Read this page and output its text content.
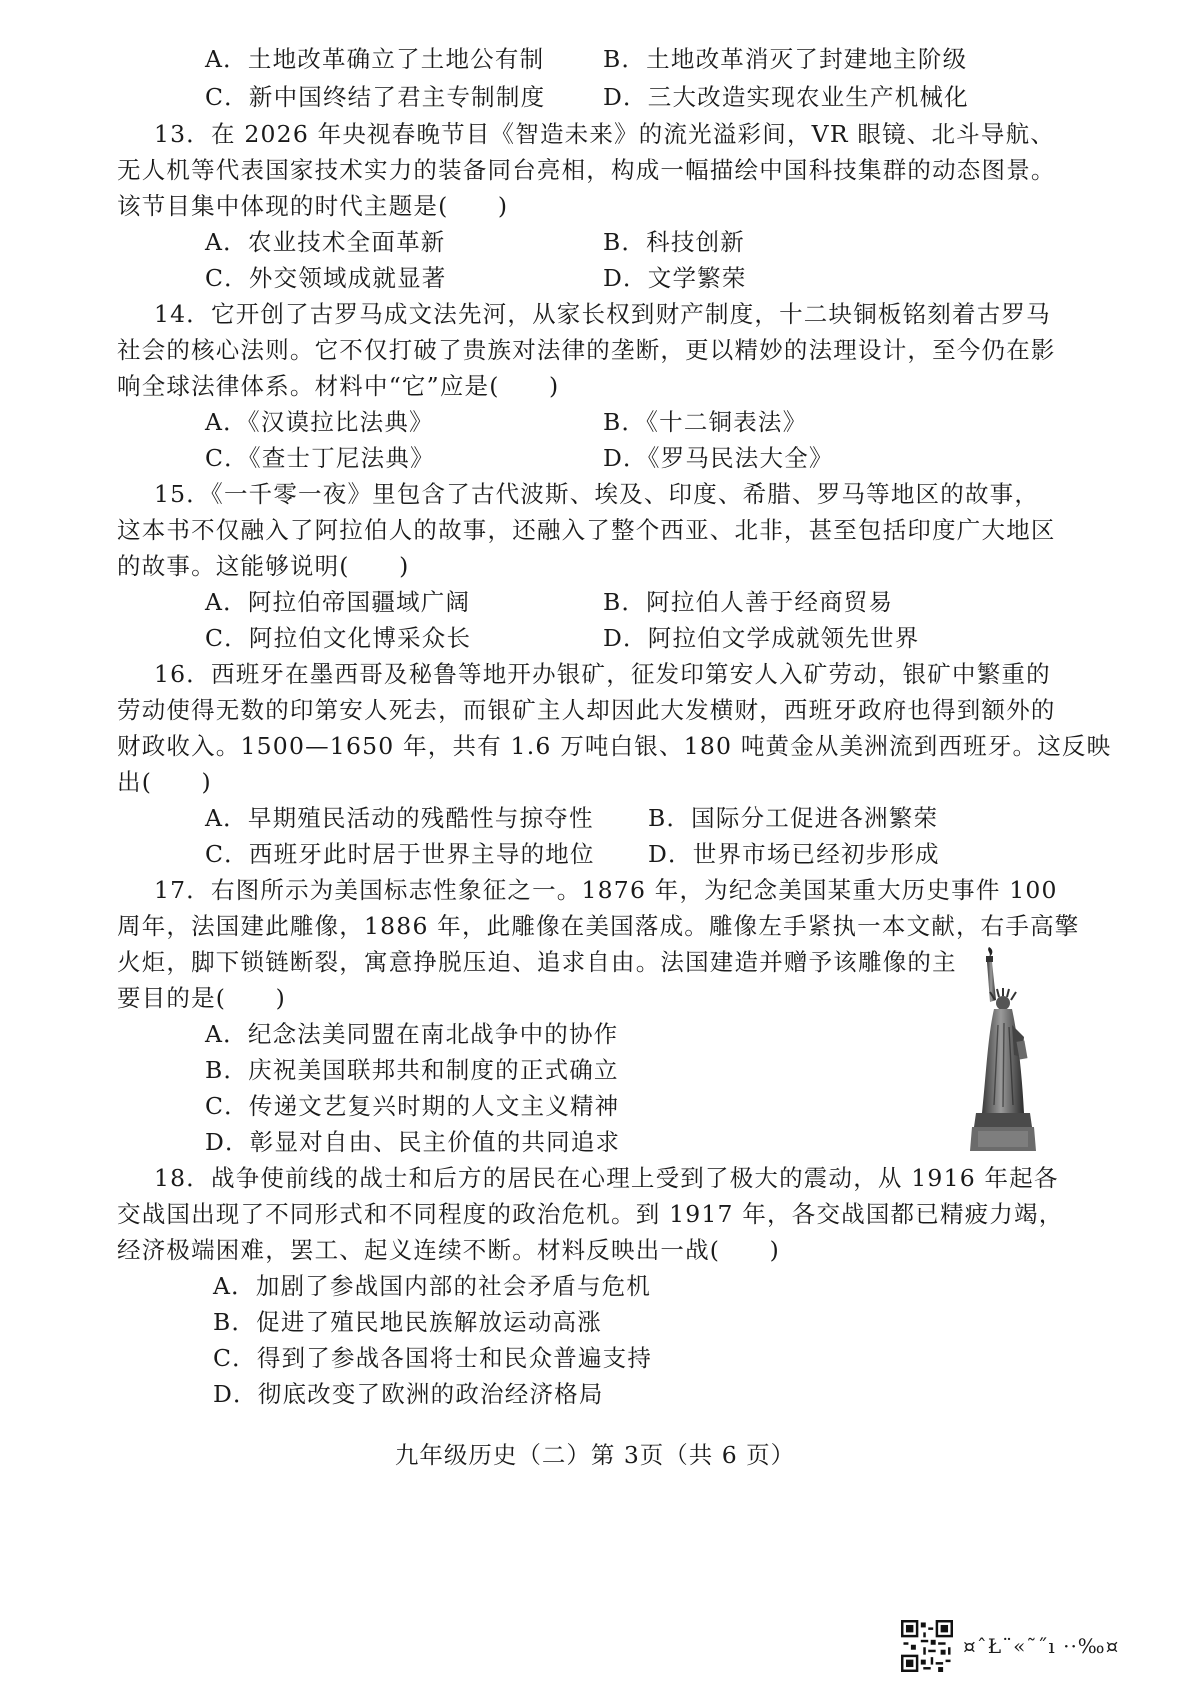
A．土地改革确立了土地公有制 B．土地改革消灭了封建地主阶级
C．新中国终结了君主专制制度 D．三大改造实现农业生产机械化
13．在 2026 年央视春晚节目《智造未来》的流光溢彩间，VR 眼镜、北斗导航、
无人机等代表国家技术实力的装备同台亮相，构成一幅描绘中国科技集群的动态图景。
该节目集中体现的时代主题是(　　)
A．农业技术全面革新	B．科技创新
C．外交领域成就显著	D．文学繁荣
14．它开创了古罗马成文法先河，从家长权到财产制度，十二块铜板铭刻着古罗马
社会的核心法则。它不仅打破了贵族对法律的垄断，更以精妙的法理设计，至今仍在影
响全球法律体系。材料中“它”应是(　　)
A．《汉谟拉比法典》	B．《十二铜表法》
C．《查士丁尼法典》	D．《罗马民法大全》
15．《一千零一夜》里包含了古代波斯、埃及、印度、希腊、罗马等地区的故事，
这本书不仅融入了阿拉伯人的故事，还融入了整个西亚、北非，甚至包括印度广大地区
的故事。这能够说明(　　)
A．阿拉伯帝国疆域广阔	B．阿拉伯人善于经商贸易
C．阿拉伯文化博采众长	D．阿拉伯文学成就领先世界
16．西班牙在墨西哥及秘鲁等地开办银矿，征发印第安人入矿劳动，银矿中繁重的
劳动使得无数的印第安人死去，而银矿主人却因此大发横财，西班牙政府也得到额外的
财政收入。1500—1650 年，共有 1.6 万吨白银、180 吨黄金从美洲流到西班牙。这反映
出(　　)
A．早期殖民活动的残酷性与掠夺性 B．国际分工促进各洲繁荣
C．西班牙此时居于世界主导的地位 D．世界市场已经初步形成
17．右图所示为美国标志性象征之一。1876 年，为纪念美国某重大历史事件 100
周年，法国建此雕像，1886 年，此雕像在美国落成。雕像左手紧执一本文献，右手高擎
火炬，脚下锁链断裂，寓意挣脱压迫、追求自由。法国建造并赠予该雕像的主
要目的是(　　)
A．纪念法美同盟在南北战争中的协作
B．庆祝美国联邦共和制度的正式确立
C．传递文艺复兴时期的人文主义精神
D．彰显对自由、民主价值的共同追求
18．战争使前线的战士和后方的居民在心理上受到了极大的震动，从 1916 年起各
交战国出现了不同形式和不同程度的政治危机。到 1917 年，各交战国都已精疲力竭，
经济极端困难，罢工、起义连续不断。材料反映出一战(　　)
A．加剧了参战国内部的社会矛盾与危机
B．促进了殖民地民族解放运动高涨
C．得到了参战各国将士和民众普遍支持
D．彻底改变了欧洲的政治经济格局
九年级历史（二）第 3页（共 6 页）
¤ˆŁ¨«˜˝ı ··‰¤
